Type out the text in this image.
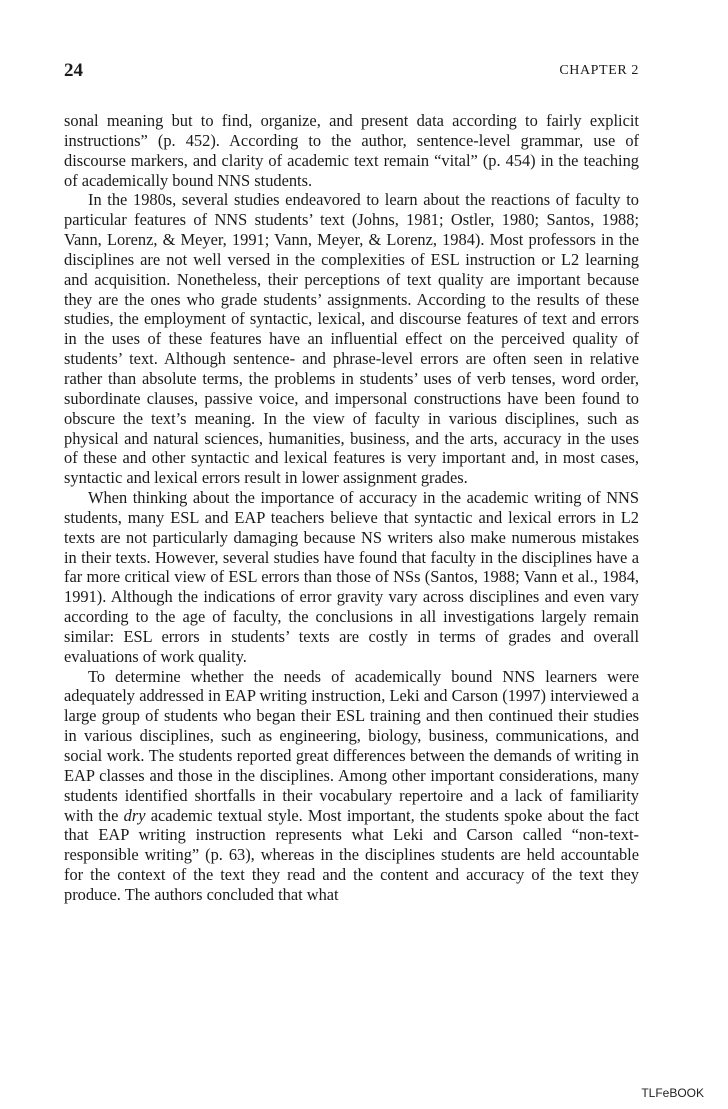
24	CHAPTER 2

sonal meaning but to find, organize, and present data according to fairly explicit instructions” (p. 452). According to the author, sentence-level grammar, use of discourse markers, and clarity of academic text remain “vital” (p. 454) in the teaching of academically bound NNS students.

In the 1980s, several studies endeavored to learn about the reactions of faculty to particular features of NNS students’ text (Johns, 1981; Ostler, 1980; Santos, 1988; Vann, Lorenz, & Meyer, 1991; Vann, Meyer, & Lorenz, 1984). Most professors in the disciplines are not well versed in the complexities of ESL instruction or L2 learning and acquisition. Nonetheless, their perceptions of text quality are important because they are the ones who grade students’ assignments. According to the results of these studies, the employment of syntactic, lexical, and discourse features of text and errors in the uses of these features have an influential effect on the perceived quality of students’ text. Although sentence- and phrase-level errors are often seen in relative rather than absolute terms, the problems in students’ uses of verb tenses, word order, subordinate clauses, passive voice, and impersonal constructions have been found to obscure the text’s meaning. In the view of faculty in various disciplines, such as physical and natural sciences, humanities, business, and the arts, accuracy in the uses of these and other syntactic and lexical features is very important and, in most cases, syntactic and lexical errors result in lower assignment grades.

When thinking about the importance of accuracy in the academic writing of NNS students, many ESL and EAP teachers believe that syntactic and lexical errors in L2 texts are not particularly damaging because NS writers also make numerous mistakes in their texts. However, several studies have found that faculty in the disciplines have a far more critical view of ESL errors than those of NSs (Santos, 1988; Vann et al., 1984, 1991). Although the indications of error gravity vary across disciplines and even vary according to the age of faculty, the conclusions in all investigations largely remain similar: ESL errors in students’ texts are costly in terms of grades and overall evaluations of work quality.

To determine whether the needs of academically bound NNS learners were adequately addressed in EAP writing instruction, Leki and Carson (1997) interviewed a large group of students who began their ESL training and then continued their studies in various disciplines, such as engineering, biology, business, communications, and social work. The students reported great differences between the demands of writing in EAP classes and those in the disciplines. Among other important considerations, many students identified shortfalls in their vocabulary repertoire and a lack of familiarity with the dry academic textual style. Most important, the students spoke about the fact that EAP writing instruction represents what Leki and Carson called “non-text-responsible writing” (p. 63), whereas in the disciplines students are held accountable for the context of the text they read and the content and accuracy of the text they produce. The authors concluded that what

TLFeBOOK
